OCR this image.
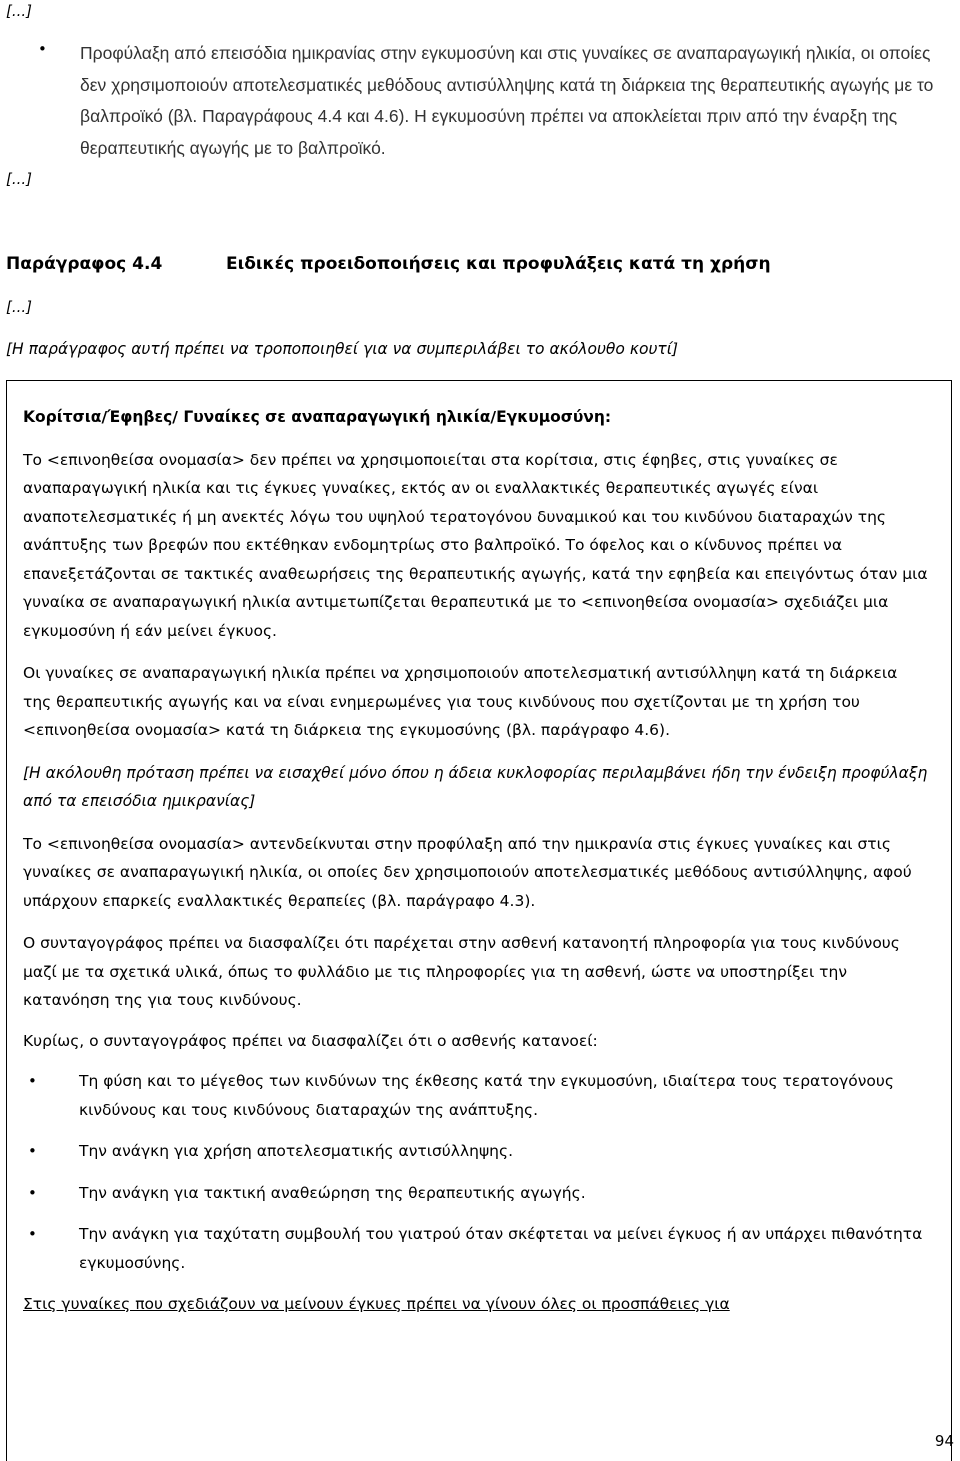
[...]
• Προφύλαξη από επεισόδια ημικρανίας στην εγκυμοσύνη και στις γυναίκες σε αναπαραγωγική ηλικία, οι οποίες δεν χρησιμοποιούν αποτελεσματικές μεθόδους αντισύλληψης κατά τη διάρκεια της θεραπευτικής αγωγής με το βαλπροϊκό (βλ. Παραγράφους 4.4 και 4.6). Η εγκυμοσύνη πρέπει να αποκλείεται πριν από την έναρξη της θεραπευτικής αγωγής με το βαλπροϊκό.
[...]
Παράγραφος 4.4	Ειδικές προειδοποιήσεις και προφυλάξεις κατά τη χρήση
[...]
[Η παράγραφος αυτή πρέπει να τροποποιηθεί για να συμπεριλάβει το ακόλουθο κουτί]

Κορίτσια/Έφηβες/ Γυναίκες σε αναπαραγωγική ηλικία/Εγκυμοσύνη:

Το <επινοηθείσα ονομασία> δεν πρέπει να χρησιμοποιείται στα κορίτσια, στις έφηβες, στις γυναίκες σε αναπαραγωγική ηλικία και τις έγκυες γυναίκες, εκτός αν οι εναλλακτικές θεραπευτικές αγωγές είναι αναποτελεσματικές ή μη ανεκτές λόγω του υψηλού τερατογόνου δυναμικού και του κινδύνου διαταραχών της ανάπτυξης των βρεφών που εκτέθηκαν ενδομητρίως στο βαλπροϊκό. Το όφελος και ο κίνδυνος πρέπει να επανεξετάζονται σε τακτικές αναθεωρήσεις της θεραπευτικής αγωγής, κατά την εφηβεία και επειγόντως όταν μια γυναίκα σε αναπαραγωγική ηλικία αντιμετωπίζεται θεραπευτικά με το <επινοηθείσα ονομασία> σχεδιάζει μια εγκυμοσύνη ή εάν μείνει έγκυος.

Οι γυναίκες σε αναπαραγωγική ηλικία πρέπει να χρησιμοποιούν αποτελεσματική αντισύλληψη κατά τη διάρκεια της θεραπευτικής αγωγής και να είναι ενημερωμένες για τους κινδύνους που σχετίζονται με τη χρήση του <επινοηθείσα ονομασία> κατά τη διάρκεια της εγκυμοσύνης (βλ. παράγραφο 4.6).

[Η ακόλουθη πρόταση πρέπει να εισαχθεί μόνο όπου η άδεια κυκλοφορίας περιλαμβάνει ήδη την ένδειξη προφύλαξη από τα επεισόδια ημικρανίας]

Το <επινοηθείσα ονομασία> αντενδείκνυται στην προφύλαξη από την ημικρανία στις έγκυες γυναίκες και στις γυναίκες σε αναπαραγωγική ηλικία, οι οποίες δεν χρησιμοποιούν αποτελεσματικές μεθόδους αντισύλληψης, αφού υπάρχουν επαρκείς εναλλακτικές θεραπείες (βλ. παράγραφο 4.3).

Ο συνταγογράφος πρέπει να διασφαλίζει ότι παρέχεται στην ασθενή κατανοητή πληροφορία για τους κινδύνους μαζί με τα σχετικά υλικά, όπως το φυλλάδιο με τις πληροφορίες για τη ασθενή, ώστε να υποστηρίξει την κατανόηση της για τους κινδύνους.

Κυρίως, ο συνταγογράφος πρέπει να διασφαλίζει ότι ο ασθενής κατανοεί:

•	Τη φύση και το μέγεθος των κινδύνων της έκθεσης κατά την εγκυμοσύνη, ιδιαίτερα τους τερατογόνους κινδύνους και τους κινδύνους διαταραχών της ανάπτυξης.
•	Την ανάγκη για χρήση αποτελεσματικής αντισύλληψης.
•	Την ανάγκη για τακτική αναθεώρηση της θεραπευτικής αγωγής.
•	Την ανάγκη για ταχύτατη συμβουλή του γιατρού όταν σκέφτεται να μείνει έγκυος ή αν υπάρχει πιθανότητα εγκυμοσύνης.

Στις γυναίκες που σχεδιάζουν να μείνουν έγκυες πρέπει να γίνουν όλες οι προσπάθειες για

94
